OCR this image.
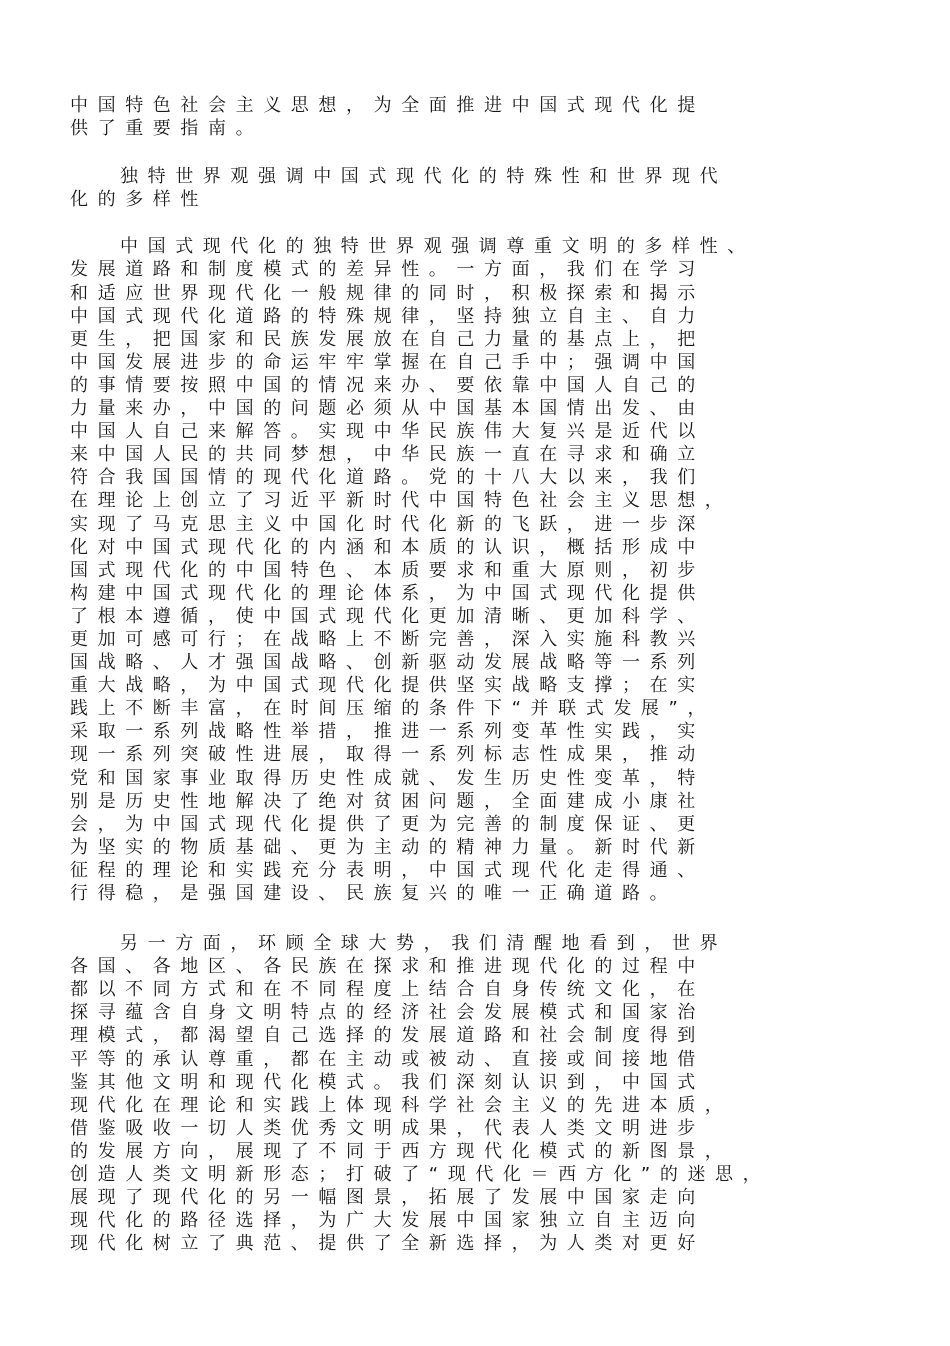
中国特色社会主义思想，为全面推进中国式现代化提
供了重要指南。
独特世界观强调中国式现代化的特殊性和世界现代
化的多样性
中国式现代化的独特世界观强调尊重文明的多样性、
发展道路和制度模式的差异性。一方面，我们在学习
和适应世界现代化一般规律的同时，积极探索和揭示
中国式现代化道路的特殊规律，坚持独立自主、自力
更生，把国家和民族发展放在自己力量的基点上，把
中国发展进步的命运牢牢掌握在自己手中；强调中国
的事情要按照中国的情况来办、要依靠中国人自己的
力量来办，中国的问题必须从中国基本国情出发、由
中国人自己来解答。实现中华民族伟大复兴是近代以
来中国人民的共同梦想，中华民族一直在寻求和确立
符合我国国情的现代化道路。党的十八大以来，我们
在理论上创立了习近平新时代中国特色社会主义思想，
实现了马克思主义中国化时代化新的飞跃，进一步深
化对中国式现代化的内涵和本质的认识，概括形成中
国式现代化的中国特色、本质要求和重大原则，初步
构建中国式现代化的理论体系，为中国式现代化提供
了根本遵循，使中国式现代化更加清晰、更加科学、
更加可感可行；在战略上不断完善，深入实施科教兴
国战略、人才强国战略、创新驱动发展战略等一系列
重大战略，为中国式现代化提供坚实战略支撑；在实
践上不断丰富，在时间压缩的条件下“并联式发展”，
采取一系列战略性举措，推进一系列变革性实践，实
现一系列突破性进展，取得一系列标志性成果，推动
党和国家事业取得历史性成就、发生历史性变革，特
别是历史性地解决了绝对贫困问题，全面建成小康社
会，为中国式现代化提供了更为完善的制度保证、更
为坚实的物质基础、更为主动的精神力量。新时代新
征程的理论和实践充分表明，中国式现代化走得通、
行得稳，是强国建设、民族复兴的唯一正确道路。
另一方面，环顾全球大势，我们清醒地看到，世界
各国、各地区、各民族在探求和推进现代化的过程中
都以不同方式和在不同程度上结合自身传统文化，在
探寻蕴含自身文明特点的经济社会发展模式和国家治
理模式，都渴望自己选择的发展道路和社会制度得到
平等的承认尊重，都在主动或被动、直接或间接地借
鉴其他文明和现代化模式。我们深刻认识到，中国式
现代化在理论和实践上体现科学社会主义的先进本质，
借鉴吸收一切人类优秀文明成果，代表人类文明进步
的发展方向，展现了不同于西方现代化模式的新图景，
创造人类文明新形态；打破了“现代化＝西方化”的迷思，
展现了现代化的另一幅图景，拓展了发展中国家走向
现代化的路径选择，为广大发展中国家独立自主迈向
现代化树立了典范、提供了全新选择，为人类对更好
